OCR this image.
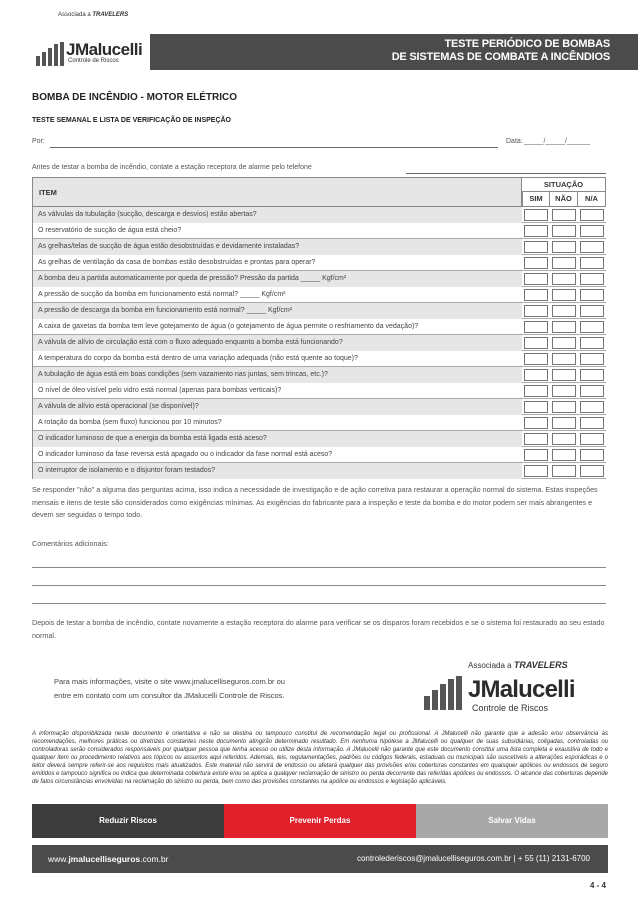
Associada a TRAVELERS
JMalucelli
Controle de Riscos
TESTE PERIÓDICO DE BOMBAS
DE SISTEMAS DE COMBATE A INCÊNDIOS
BOMBA DE INCÊNDIO - MOTOR ELÉTRICO
TESTE SEMANAL E LISTA DE VERIFICAÇÃO DE INSPEÇÃO
Por:	Data: _____/_____/______
Antes de testar a bomba de incêndio, contate a estação receptora de alarme pelo telefone
ITEM
SITUAÇÃO
SIM	NÃO	N/A
As válvulas da tubulação (sucção, descarga e desvios) estão abertas?
O reservatório de sucção de água está cheio?
As grelhas/telas de sucção de água estão desobstruídas e devidamente instaladas?
As grelhas de ventilação da casa de bombas estão desobstruídas e prontas para operar?
A bomba deu a partida automaticamente por queda de pressão? Pressão da partida _____ Kgf/cm²
A pressão de sucção da bomba em funcionamento está normal? _____ Kgf/cm²
A pressão de descarga da bomba em funcionamento está normal? _____ Kgf/cm²
A caixa de gaxetas da bomba tem leve gotejamento de água (o gotejamento de água permite o resfriamento da vedação)?
A válvula de alívio de circulação está com o fluxo adequado enquanto a bomba está funcionando?
A temperatura do corpo da bomba está dentro de uma variação adequada (não está quente ao toque)?
A tubulação de água está em boas condições (sem vazamento nas juntas, sem trincas, etc.)?
O nível de óleo visível pelo vidro está normal (apenas para bombas verticais)?
A válvula de alívio está operacional (se disponível)?
A rotação da bomba (sem fluxo) funcionou por 10 minutos?
O indicador luminoso de que a energia da bomba está ligada está aceso?
O indicador luminoso da fase reversa está apagado ou o indicador da fase normal está aceso?
O interruptor de isolamento e o disjuntor foram testados?
Se responder "não" a alguma das perguntas acima, isso indica a necessidade de investigação e de ação corretiva para restaurar a operação normal do sistema. Estas inspeções mensais e itens de teste são considerados como exigências mínimas. As exigências do fabricante para a inspeção e teste da bomba e do motor podem ser mais abrangentes e devem ser seguidas o tempo todo.
Comentários adicionais:
Depois de testar a bomba de incêndio, contate novamente a estação receptora do alarme para verificar se os disparos foram recebidos e se o sistema foi restaurado ao seu estado normal.
Para mais informações, visite o site www.jmalucelliseguros.com.br ou
entre em contato com um consultor da JMalucelli Controle de Riscos.
Associada a TRAVELERS
JMalucelli
Controle de Riscos
A informação disponibilizada neste documento é orientativa e não se destina ou tampouco constitui de recomendação legal ou profissional. A JMalucelli não garante que a adesão e/ou observância às recomendações, melhores práticas ou diretrizes constantes neste documento atingirão determinado resultado. Em nenhuma hipótese a JMalucelli ou qualquer de suas subsidiárias, coligadas, controladas ou controladoras serão considerados responsáveis por qualquer pessoa que tenha acesso ou utilize desta informação. A JMalucelli não garante que este documento constitui uma lista completa e exaustiva de todo e qualquer item ou procedimento relativos aos tópicos ou assuntos aqui referidos. Ademais, leis, regulamentações, padrões ou códigos federais, estaduais ou municipais são suscetíveis a alterações esporádicas e o leitor deverá sempre referir-se aos requisitos mais atualizados. Este material não servirá de endosso ou afetará qualquer das provisões e/ou coberturas constantes em quaisquer apólices ou endossos de seguro emitidos e tampouco significa ou indica que determinada cobertura existe e/ou se aplica a qualquer reclamação de sinistro ou perda decorrente das referidas apólices ou endossos. O alcance das coberturas depende de fatos circunstâncias envolvidas na reclamação do sinistro ou perda, bem como das provisões constantes na apólice ou endossos e legislação aplicáveis.
Reduzir Riscos	Prevenir Perdas	Salvar Vidas
www.jmalucelliseguros.com.br	controlederiscos@jmalucelliseguros.com.br | + 55 (11) 2131-6700
4 - 4
